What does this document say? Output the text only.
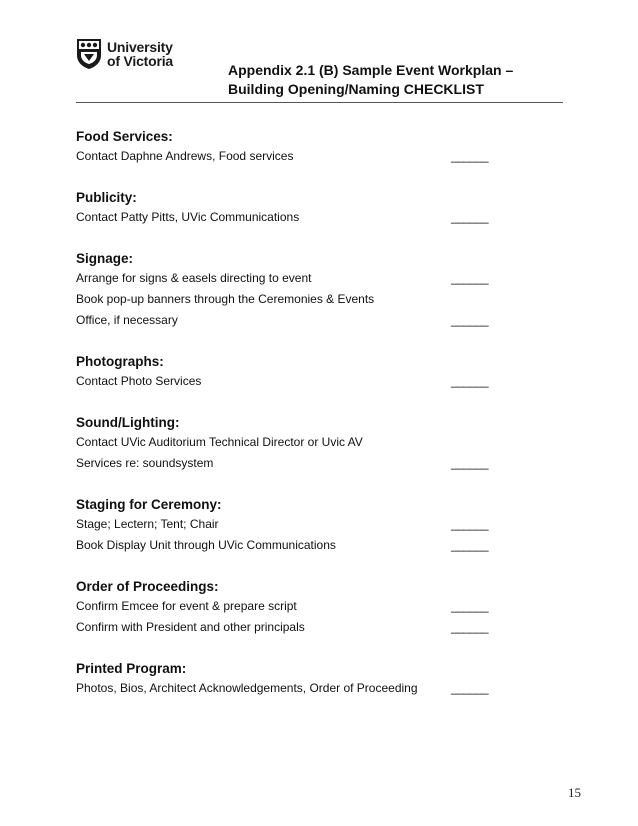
University
of Victoria
Appendix 2.1 (B) Sample Event Workplan –
Building Opening/Naming CHECKLIST
Food Services:
Contact Daphne Andrews, Food services	______
Publicity:
Contact Patty Pitts, UVic Communications	______
Signage:
Arrange for signs & easels directing to event	______
Book pop-up banners through the Ceremonies & Events
Office, if necessary	______
Photographs:
Contact Photo Services	______
Sound/Lighting:
Contact UVic Auditorium Technical Director or Uvic AV
Services re: soundsystem	______
Staging for Ceremony:
Stage; Lectern; Tent; Chair	______
Book Display Unit through UVic Communications	______
Order of Proceedings:
Confirm Emcee for event & prepare script	______
Confirm with President and other principals	______
Printed Program:
Photos, Bios, Architect Acknowledgements, Order of Proceeding	______
15
